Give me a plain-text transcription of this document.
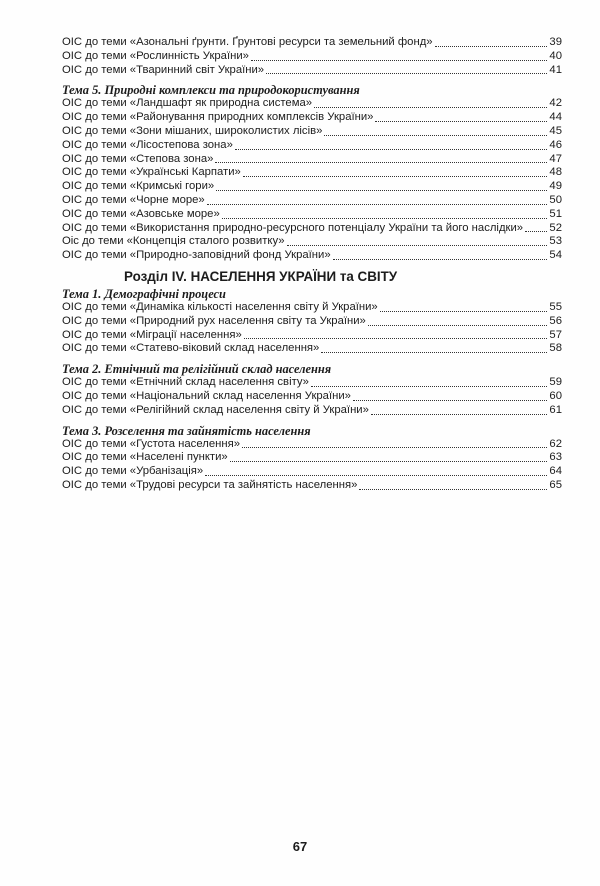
ОІС до теми «Азональні ґрунти. Ґрунтові ресурси та земельний фонд»	39
ОІС до теми «Рослинність України»	40
ОІС до теми «Тваринний світ України»	41
Тема 5. Природні комплекси та природокористування
ОІС до теми «Ландшафт як природна система»	42
ОІС до теми «Районування природних комплексів України»	44
ОІС до теми «Зони мішаних, широколистих лісів»	45
ОІС до теми «Лісостепова зона»	46
ОІС до теми «Степова зона»	47
ОІС до теми «Українські Карпати»	48
ОІС до теми «Кримські гори»	49
ОІС до теми «Чорне море»	50
ОІС до теми «Азовське море»	51
ОІС до теми «Використання природно-ресурсного потенціалу України та його наслідки» 52
Оіс до теми «Концепція сталого розвитку»	53
ОІС до теми «Природно-заповідний фонд України»	54
Розділ IV. НАСЕЛЕННЯ УКРАЇНИ та СВІТУ
Тема 1. Демографічні процеси
ОІС до теми «Динаміка кількості населення світу й України»	55
ОІС до теми «Природний рух населення світу та України»	56
ОІС до теми «Міграції населення»	57
ОІС до теми «Статево-віковий склад населення»	58
Тема 2. Етнічний та релігійний склад населення
ОІС до теми «Етнічний склад населення світу»	59
ОІС до теми «Національний склад населення України»	60
ОІС до теми «Релігійний склад населення світу й України»	61
Тема 3. Розселення та зайнятість населення
ОІС до теми «Густота населення»	62
ОІС до теми «Населені пункти»	63
ОІС до теми «Урбанізація»	64
ОІС до теми «Трудові ресурси та зайнятість населення»	65
67
